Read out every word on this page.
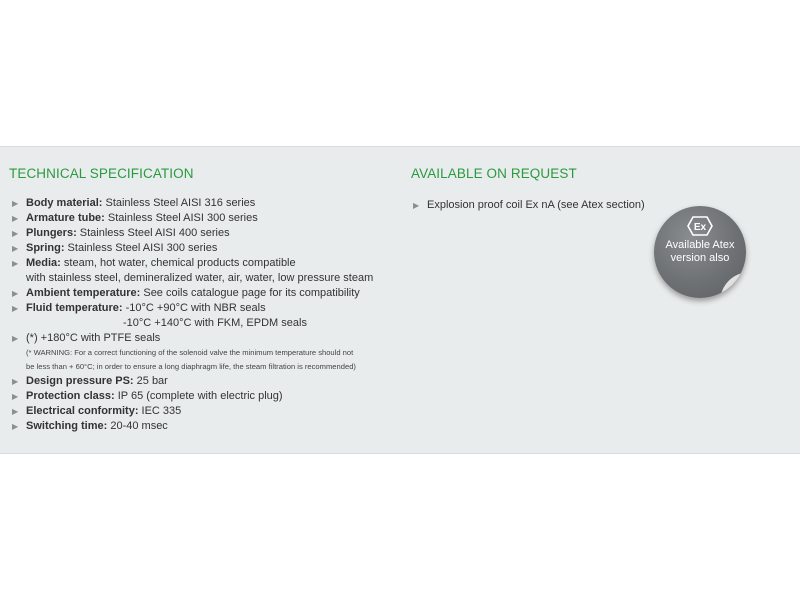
TECHNICAL SPECIFICATION
▶ Body material: Stainless Steel AISI 316 series
▶ Armature tube: Stainless Steel AISI 300 series
▶ Plungers: Stainless Steel AISI 400 series
▶ Spring: Stainless Steel AISI 300 series
▶ Media: steam, hot water, chemical products compatible
with stainless steel, demineralized water, air, water, low pressure steam
▶ Ambient temperature: See coils catalogue page for its compatibility
▶ Fluid temperature: -10°C +90°C with NBR seals
-10°C +140°C with FKM, EPDM seals
▶ (*) +180°C with PTFE seals
(* WARNING: For a correct functioning of the solenoid valve the minimum temperature should not
be less than + 60°C; in order to ensure a long diaphragm life, the steam filtration is recommended)
▶ Design pressure PS: 25 bar
▶ Protection class: IP 65 (complete with electric plug)
▶ Electrical conformity: IEC 335
▶ Switching time: 20-40 msec
AVAILABLE ON REQUEST
▶ Explosion proof coil Ex nA (see Atex section)
Ex
Available Atex
version also
